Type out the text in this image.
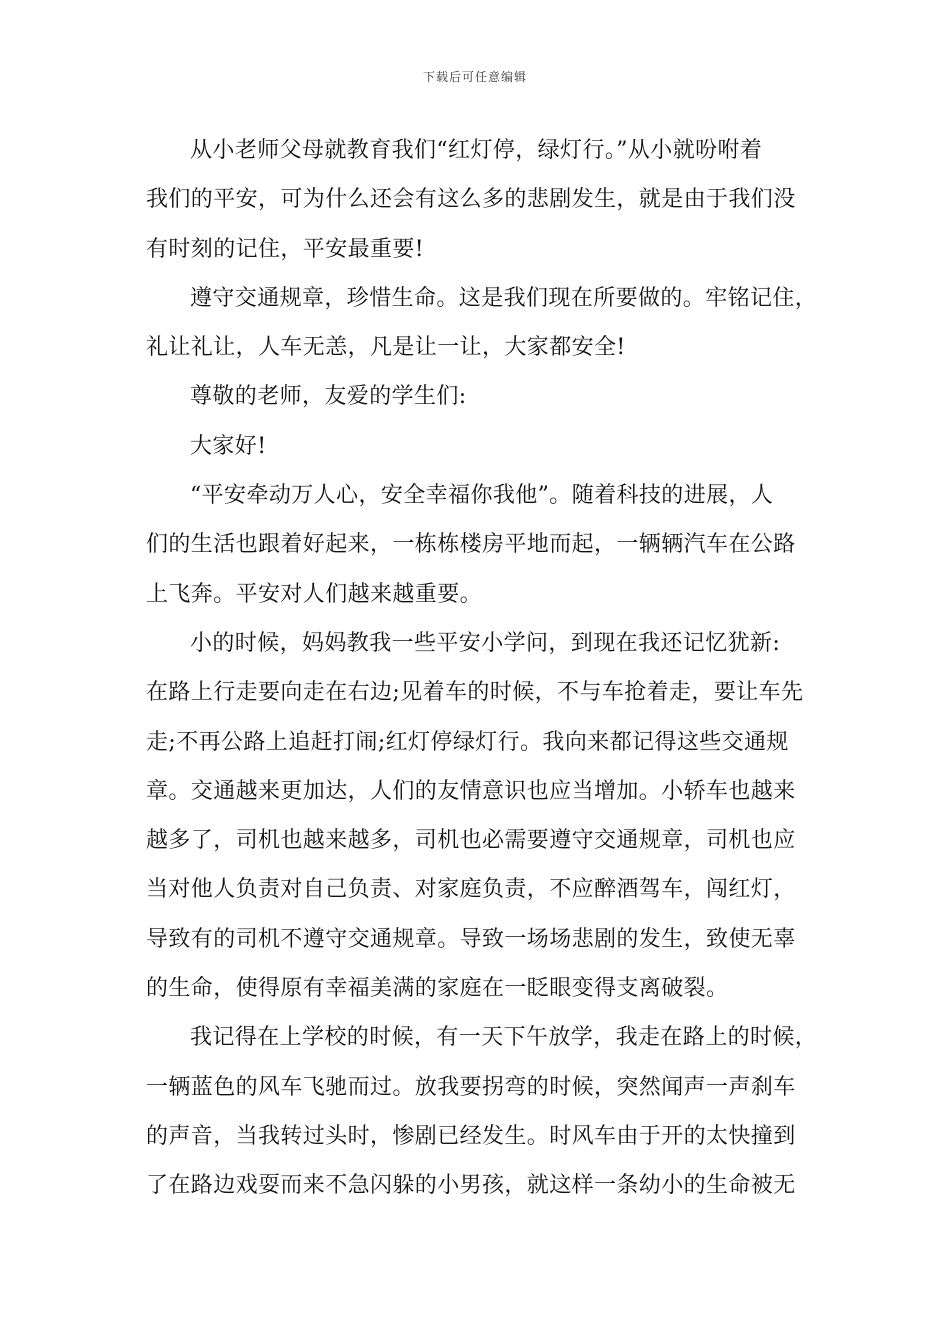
下载后可任意编辑
从小老师父母就教育我们“红灯停，绿灯行。”从小就吩咐着
我们的平安，可为什么还会有这么多的悲剧发生，就是由于我们没
有时刻的记住，平安最重要!
遵守交通规章，珍惜生命。这是我们现在所要做的。牢铭记住，
礼让礼让，人车无恙，凡是让一让，大家都安全!
尊敬的老师，友爱的学生们:
大家好!
“平安牵动万人心，安全幸福你我他”。随着科技的进展，人
们的生活也跟着好起来，一栋栋楼房平地而起，一辆辆汽车在公路
上飞奔。平安对人们越来越重要。
小的时候，妈妈教我一些平安小学问，到现在我还记忆犹新:
在路上行走要向走在右边;见着车的时候，不与车抢着走，要让车先
走;不再公路上追赶打闹;红灯停绿灯行。我向来都记得这些交通规
章。交通越来更加达，人们的友情意识也应当增加。小轿车也越来
越多了，司机也越来越多，司机也必需要遵守交通规章，司机也应
当对他人负责对自己负责、对家庭负责，不应醉酒驾车，闯红灯，
导致有的司机不遵守交通规章。导致一场场悲剧的发生，致使无辜
的生命，使得原有幸福美满的家庭在一眨眼变得支离破裂。
我记得在上学校的时候，有一天下午放学，我走在路上的时候，
一辆蓝色的风车飞驰而过。放我要拐弯的时候，突然闻声一声刹车
的声音，当我转过头时，惨剧已经发生。时风车由于开的太快撞到
了在路边戏耍而来不急闪躲的小男孩，就这样一条幼小的生命被无
